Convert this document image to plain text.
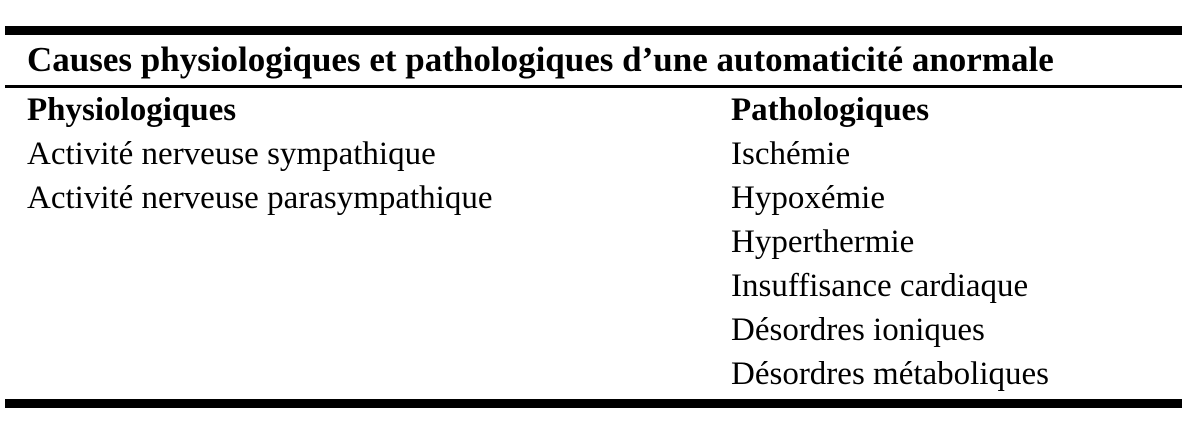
Causes physiologiques et pathologiques d’une automaticité anormale
Physiologiques
Activité nerveuse sympathique
Activité nerveuse parasympathique
Pathologiques
Ischémie
Hypoxémie
Hyperthermie
Insuffisance cardiaque
Désordres ioniques
Désordres métaboliques
